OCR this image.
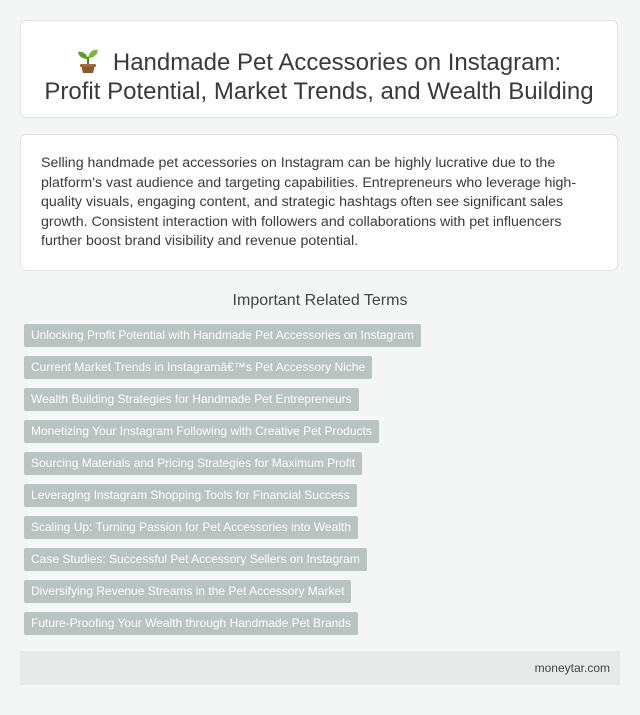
Handmade Pet Accessories on Instagram:
Profit Potential, Market Trends, and Wealth Building
Selling handmade pet accessories on Instagram can be highly lucrative due to the platform's vast audience and targeting capabilities. Entrepreneurs who leverage high-quality visuals, engaging content, and strategic hashtags often see significant sales growth. Consistent interaction with followers and collaborations with pet influencers further boost brand visibility and revenue potential.
Important Related Terms
Unlocking Profit Potential with Handmade Pet Accessories on Instagram
Current Market Trends in Instagramâ€™s Pet Accessory Niche
Wealth Building Strategies for Handmade Pet Entrepreneurs
Monetizing Your Instagram Following with Creative Pet Products
Sourcing Materials and Pricing Strategies for Maximum Profit
Leveraging Instagram Shopping Tools for Financial Success
Scaling Up: Turning Passion for Pet Accessories into Wealth
Case Studies: Successful Pet Accessory Sellers on Instagram
Diversifying Revenue Streams in the Pet Accessory Market
Future-Proofing Your Wealth through Handmade Pet Brands
moneytar.com
